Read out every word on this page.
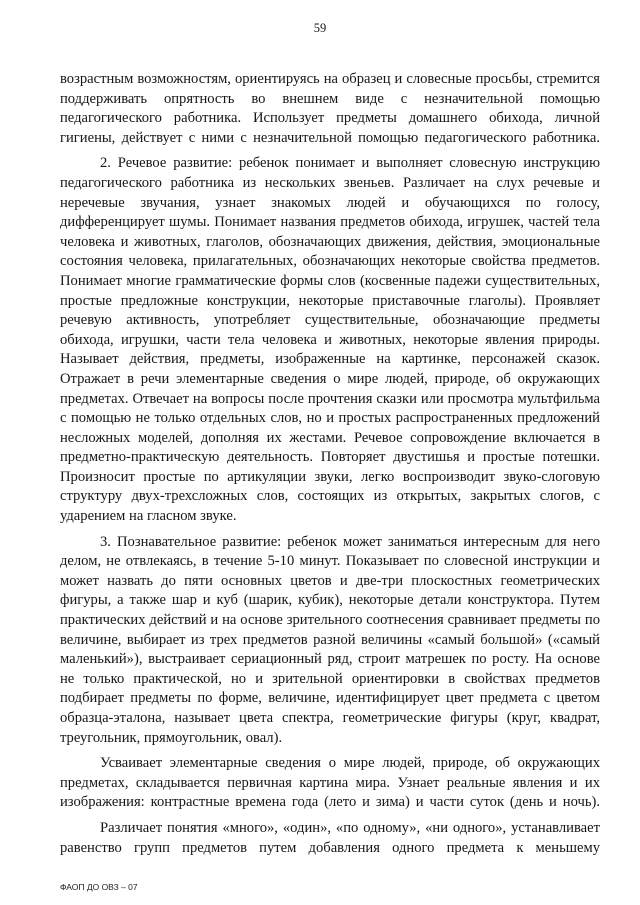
59

возрастным возможностям, ориентируясь на образец и словесные просьбы, стремится
поддерживать опрятность во внешнем виде с незначительной помощью
педагогического работника. Использует предметы домашнего обихода, личной
гигиены, действует с ними с незначительной помощью педагогического работника.

2. Речевое развитие: ребенок понимает и выполняет словесную инструкцию
педагогического работника из нескольких звеньев. Различает на слух речевые и
неречевые звучания, узнает знакомых людей и обучающихся по голосу,
дифференцирует шумы. Понимает названия предметов обихода, игрушек, частей тела
человека и животных, глаголов, обозначающих движения, действия, эмоциональные
состояния человека, прилагательных, обозначающих некоторые свойства предметов.
Понимает многие грамматические формы слов (косвенные падежи существительных,
простые предложные конструкции, некоторые приставочные глаголы). Проявляет
речевую активность, употребляет существительные, обозначающие предметы
обихода, игрушки, части тела человека и животных, некоторые явления природы.
Называет действия, предметы, изображенные на картинке, персонажей сказок.
Отражает в речи элементарные сведения о мире людей, природе, об окружающих
предметах. Отвечает на вопросы после прочтения сказки или просмотра мультфильма
с помощью не только отдельных слов, но и простых распространенных предложений
несложных моделей, дополняя их жестами. Речевое сопровождение включается в
предметно-практическую деятельность. Повторяет двустишья и простые потешки.
Произносит простые по артикуляции звуки, легко воспроизводит звуко-слоговую
структуру двух-трехсложных слов, состоящих из открытых, закрытых слогов, с
ударением на гласном звуке.

3. Познавательное развитие: ребенок может заниматься интересным для него
делом, не отвлекаясь, в течение 5-10 минут. Показывает по словесной инструкции и
может назвать до пяти основных цветов и две-три плоскостных геометрических
фигуры, а также шар и куб (шарик, кубик), некоторые детали конструктора. Путем
практических действий и на основе зрительного соотнесения сравнивает предметы по
величине, выбирает из трех предметов разной величины «самый большой» («самый
маленький»), выстраивает сериационный ряд, строит матрешек по росту. На основе
не только практической, но и зрительной ориентировки в свойствах предметов
подбирает предметы по форме, величине, идентифицирует цвет предмета с цветом
образца-эталона, называет цвета спектра, геометрические фигуры (круг, квадрат,
треугольник, прямоугольник, овал).

Усваивает элементарные сведения о мире людей, природе, об окружающих
предметах, складывается первичная картина мира. Узнает реальные явления и их
изображения: контрастные времена года (лето и зима) и части суток (день и ночь).

Различает понятия «много», «один», «по одному», «ни одного», устанавливает
равенство групп предметов путем добавления одного предмета к меньшему

ФАОП ДО ОВЗ – 07
